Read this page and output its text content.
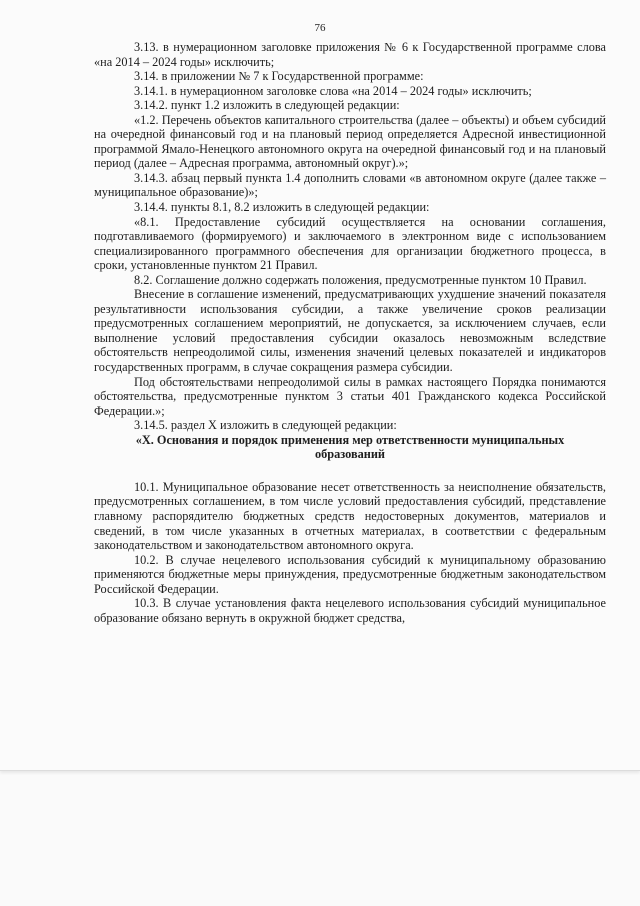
76

3.13. в нумерационном заголовке приложения № 6 к Государственной программе слова «на 2014 – 2024 годы» исключить;

3.14. в приложении № 7 к Государственной программе:

3.14.1. в нумерационном заголовке слова «на 2014 – 2024 годы» исключить;

3.14.2. пункт 1.2 изложить в следующей редакции:

«1.2. Перечень объектов капитального строительства (далее – объекты) и объем субсидий на очередной финансовый год и на плановый период определяется Адресной инвестиционной программой Ямало-Ненецкого автономного округа на очередной финансовый год и на плановый период (далее – Адресная программа, автономный округ).»;

3.14.3. абзац первый пункта 1.4 дополнить словами «в автономном округе (далее также – муниципальное образование)»;

3.14.4. пункты 8.1, 8.2 изложить в следующей редакции:

«8.1. Предоставление субсидий осуществляется на основании соглашения, подготавливаемого (формируемого) и заключаемого в электронном виде с использованием специализированного программного обеспечения для организации бюджетного процесса, в сроки, установленные пунктом 21 Правил.

8.2. Соглашение должно содержать положения, предусмотренные пунктом 10 Правил.

Внесение в соглашение изменений, предусматривающих ухудшение значений показателя результативности использования субсидии, а также увеличение сроков реализации предусмотренных соглашением мероприятий, не допускается, за исключением случаев, если выполнение условий предоставления субсидии оказалось невозможным вследствие обстоятельств непреодолимой силы, изменения значений целевых показателей и индикаторов государственных программ, в случае сокращения размера субсидии.

Под обстоятельствами непреодолимой силы в рамках настоящего Порядка понимаются обстоятельства, предусмотренные пунктом 3 статьи 401 Гражданского кодекса Российской Федерации.»;

3.14.5. раздел X изложить в следующей редакции:

«X. Основания и порядок применения мер ответственности муниципальных образований

10.1. Муниципальное образование несет ответственность за неисполнение обязательств, предусмотренных соглашением, в том числе условий предоставления субсидий, представление главному распорядителю бюджетных средств недостоверных документов, материалов и сведений, в том числе указанных в отчетных материалах, в соответствии с федеральным законодательством и законодательством автономного округа.

10.2. В случае нецелевого использования субсидий к муниципальному образованию применяются бюджетные меры принуждения, предусмотренные бюджетным законодательством Российской Федерации.

10.3. В случае установления факта нецелевого использования субсидий муниципальное образование обязано вернуть в окружной бюджет средства,
